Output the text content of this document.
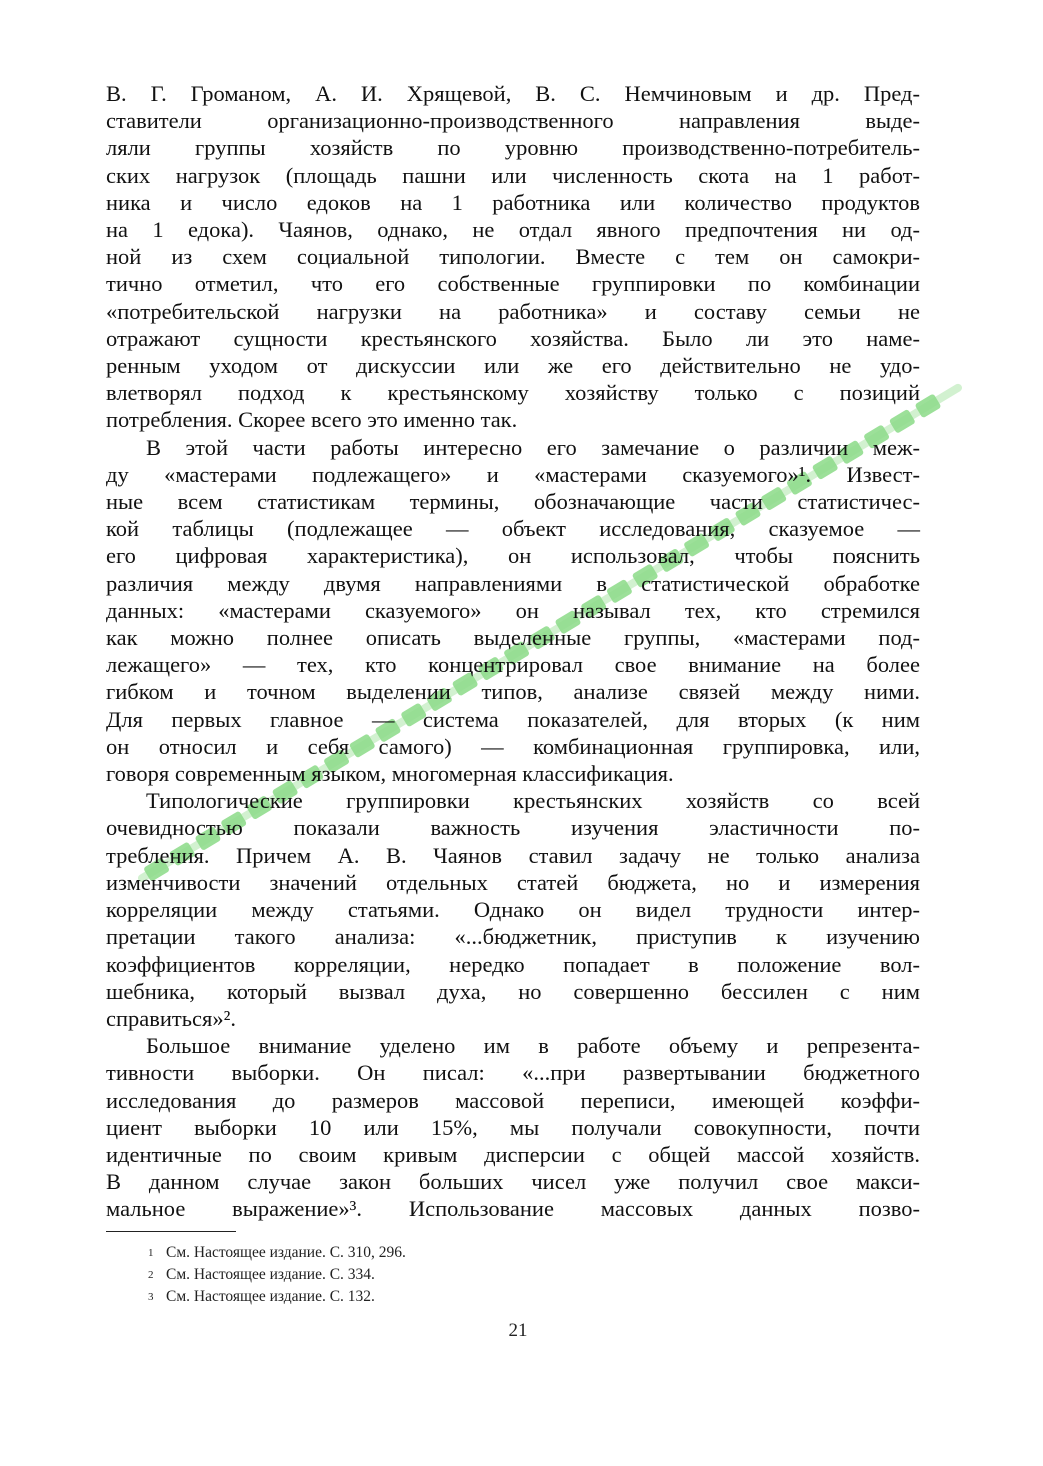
В. Г. Громаном, А. И. Хрящевой, В. С. Немчиновым и др. Пред-
ставители организационно-производственного направления выде-
ляли группы хозяйств по уровню производственно-потребитель-
ских нагрузок (площадь пашни или численность скота на 1 работ-
ника и число едоков на 1 работника или количество продуктов
на 1 едока). Чаянов, однако, не отдал явного предпочтения ни од-
ной из схем социальной типологии. Вместе с тем он самокри-
тично отметил, что его собственные группировки по комбинации
«потребительской нагрузки на работника» и составу семьи не
отражают сущности крестьянского хозяйства. Было ли это наме-
ренным уходом от дискуссии или же его действительно не удо-
влетворял подход к крестьянскому хозяйству только с позиций
потребления. Скорее всего это именно так.

В этой части работы интересно его замечание о различии меж-
ду «мастерами подлежащего» и «мастерами сказуемого»¹. Извест-
ные всем статистикам термины, обозначающие части статистичес-
кой таблицы (подлежащее — объект исследования, сказуемое —
его цифровая характеристика), он использовал, чтобы пояснить
различия между двумя направлениями в статистической обработке
данных: «мастерами сказуемого» он называл тех, кто стремился
как можно полнее описать выделенные группы, «мастерами под-
лежащего» — тех, кто концентрировал свое внимание на более
гибком и точном выделении типов, анализе связей между ними.
Для первых главное — система показателей, для вторых (к ним
он относил и себя самого) — комбинационная группировка, или,
говоря современным языком, многомерная классификация.

Типологические группировки крестьянских хозяйств со всей
очевидностью показали важность изучения эластичности по-
требления. Причем А. В. Чаянов ставил задачу не только анализа
изменчивости значений отдельных статей бюджета, но и измерения
корреляции между статьями. Однако он видел трудности интер-
претации такого анализа: «...бюджетник, приступив к изучению
коэффициентов корреляции, нередко попадает в положение вол-
шебника, который вызвал духа, но совершенно бессилен с ним
справиться»².

Большое внимание уделено им в работе объему и репрезента-
тивности выборки. Он писал: «...при развертывании бюджетного
исследования до размеров массовой переписи, имеющей коэффи-
циент выборки 10 или 15%, мы получали совокупности, почти
идентичные по своим кривым дисперсии с общей массой хозяйств.
В данном случае закон больших чисел уже получил свое макси-
мальное выражение»³. Использование массовых данных позво-

1 См. Настоящее издание. С. 310, 296.
2 См. Настоящее издание. С. 334.
3 См. Настоящее издание. С. 132.
21
